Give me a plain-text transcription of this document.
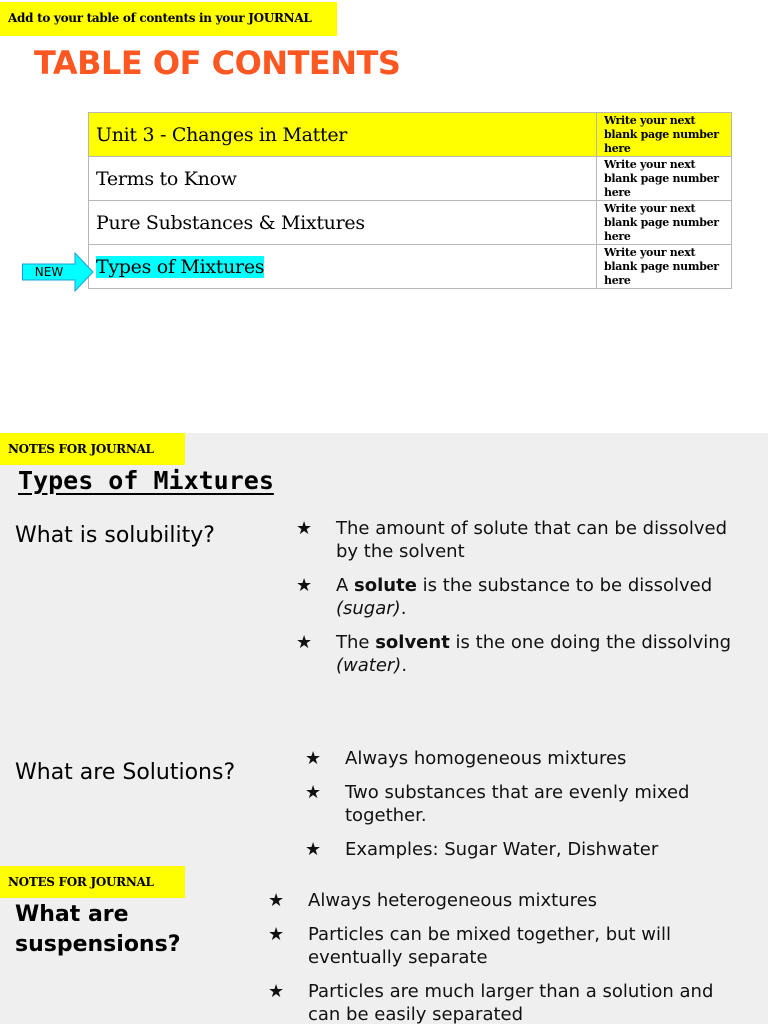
Add to your table of contents in your JOURNAL
TABLE OF CONTENTS
Unit 3 - Changes in Matter	Write your next blank page number here
Terms to Know	Write your next blank page number here
Pure Substances & Mixtures	Write your next blank page number here
Types of Mixtures	Write your next blank page number here
NEW
NOTES FOR JOURNAL
Types of Mixtures
What is solubility?	★ The amount of solute that can be dissolved by the solvent
★ A solute is the substance to be dissolved (sugar).
★ The solvent is the one doing the dissolving (water).
What are Solutions?
★ Always homogeneous mixtures
★ Two substances that are evenly mixed together.
★ Examples: Sugar Water, Dishwater
NOTES FOR JOURNAL
What are suspensions?
★ Always heterogeneous mixtures
★ Particles can be mixed together, but will eventually separate
★ Particles are much larger than a solution and can be easily separated
